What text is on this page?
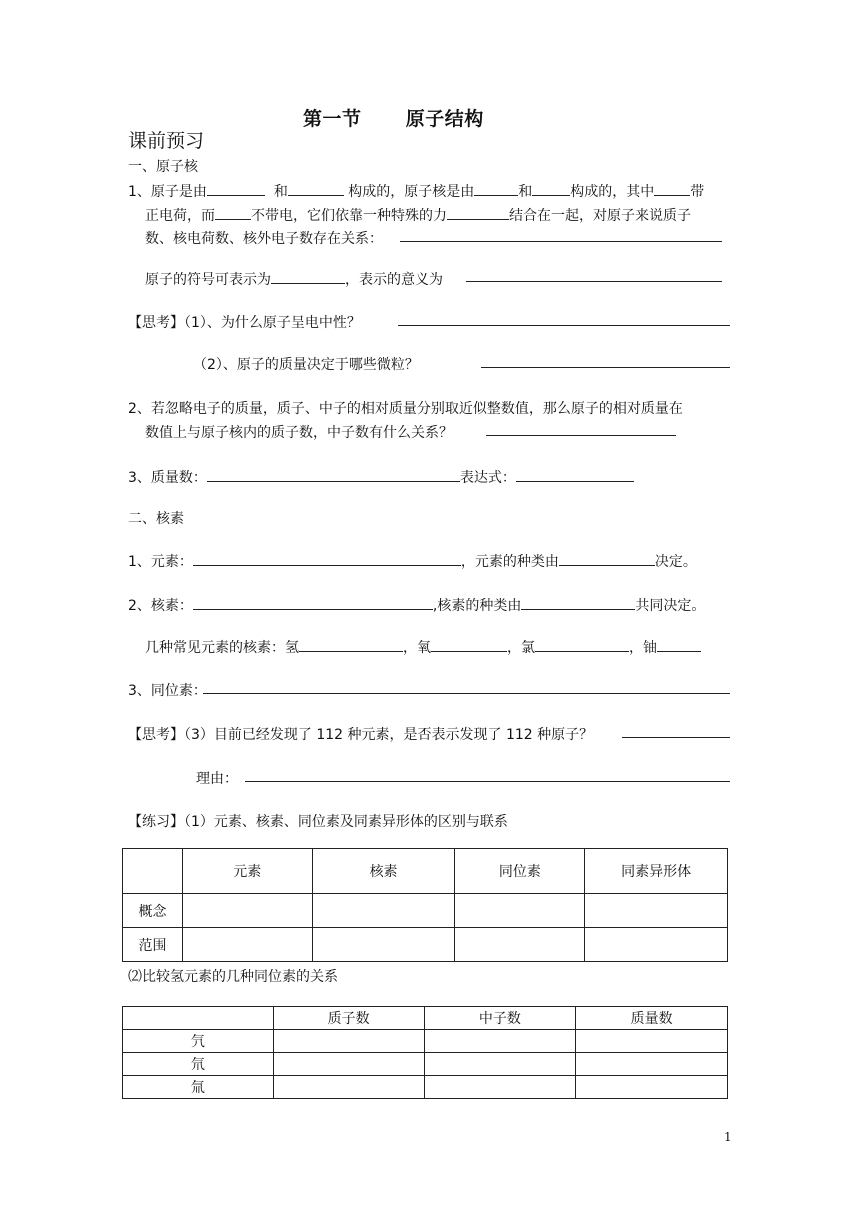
第一节 原子结构
课前预习
一、原子核
1、原子是由	和	构成的，原子核是由	和	构成的，其中	带
正电荷，而	不带电，它们依靠一种特殊的力	结合在一起，对原子来说质子
数、核电荷数、核外电子数存在关系：
原子的符号可表示为	，表示的意义为
【思考】（1）、为什么原子呈电中性？
（2）、原子的质量决定于哪些微粒？
2、若忽略电子的质量，质子、中子的相对质量分别取近似整数值，那么原子的相对质量在
数值上与原子核内的质子数，中子数有什么关系？
3、质量数：	表达式：
二、核素
1、元素：	，元素的种类由	决定。
2、核素：	,核素的种类由	共同决定。
几种常见元素的核素：氢	，氧	，氯	，铀
3、同位素：
【思考】（3）目前已经发现了 112 种元素，是否表示发现了 112 种原子？
理由：
【练习】（1）元素、核素、同位素及同素异形体的区别与联系
	元素	核素	同位素	同素异形体
概念				
范围				
⑵比较氢元素的几种同位素的关系
	质子数	中子数	质量数
氕			
氘			
氚			
1
